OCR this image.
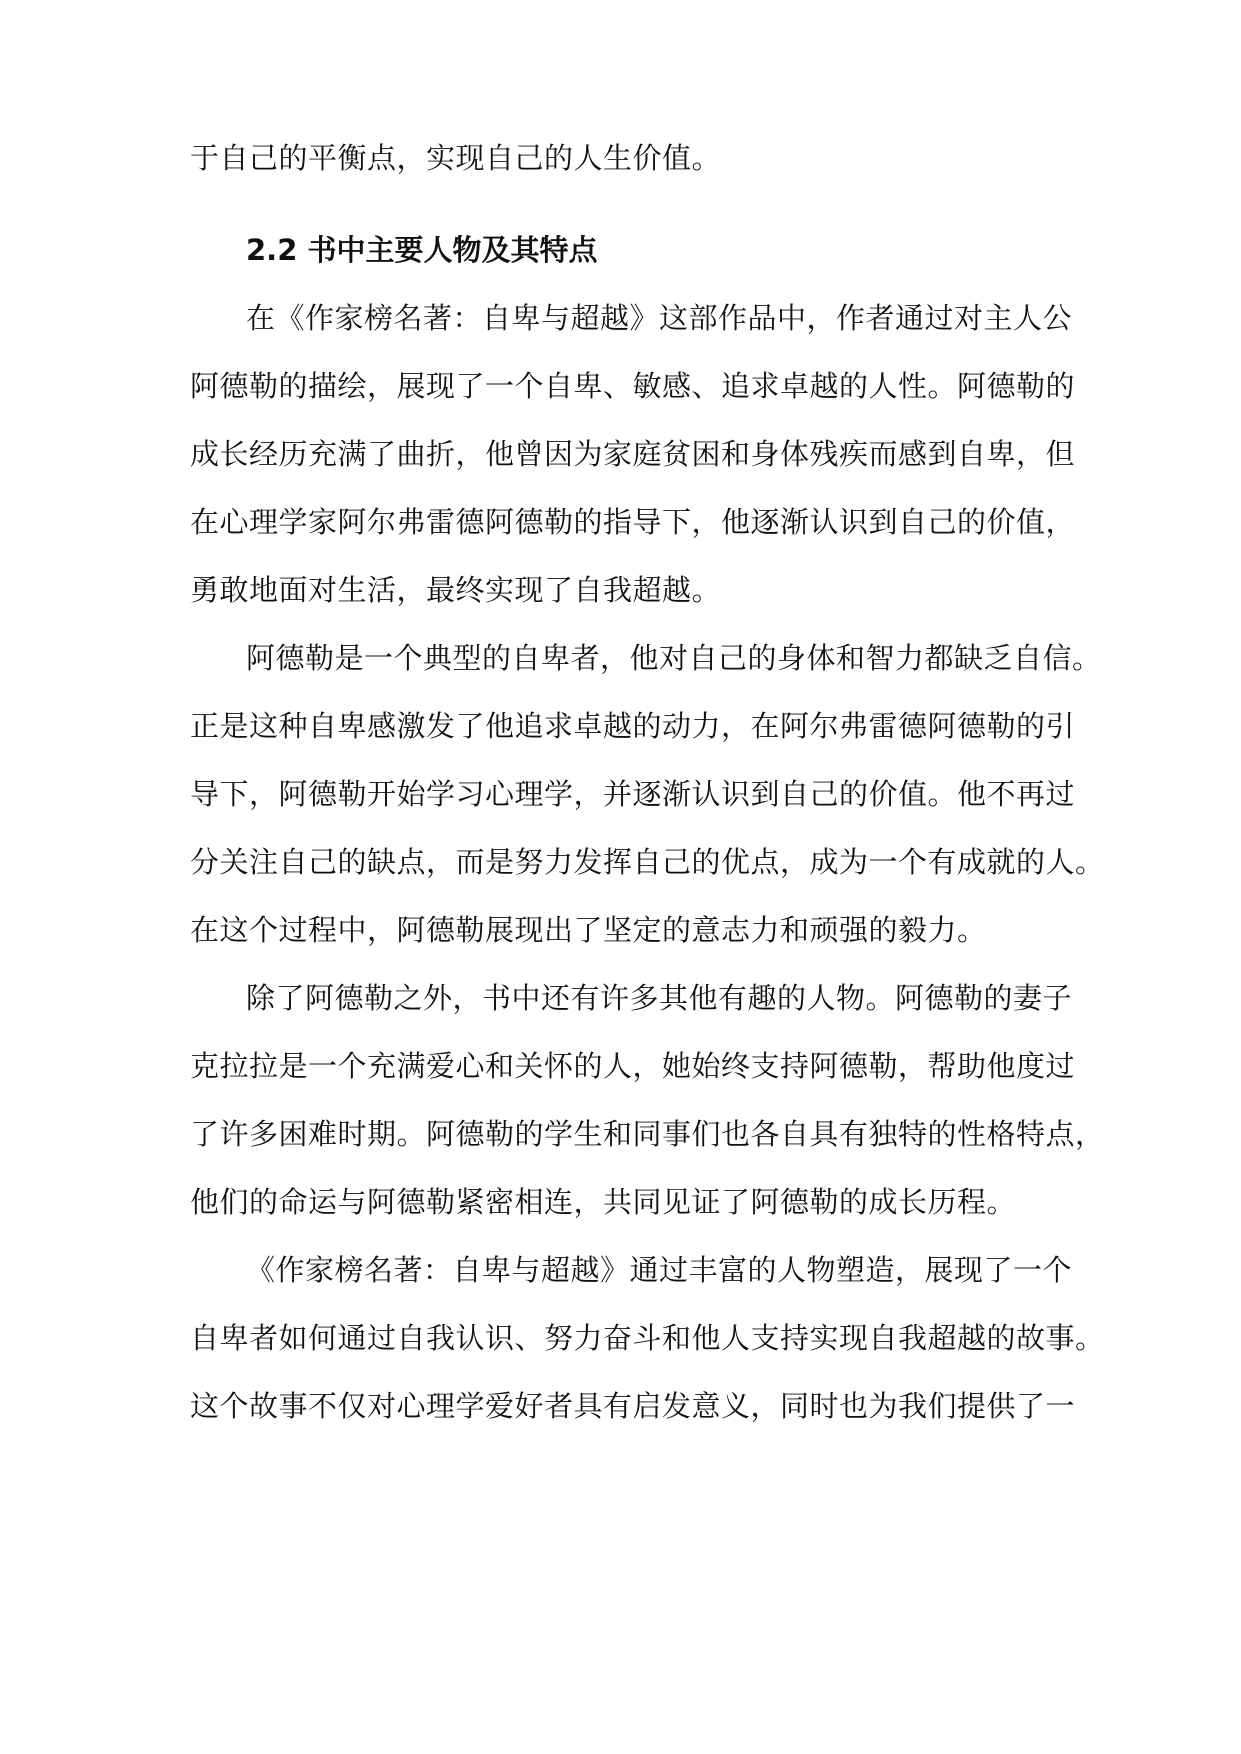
于自己的平衡点，实现自己的人生价值。

2.2 书中主要人物及其特点

在《作家榜名著：自卑与超越》这部作品中，作者通过对主人公

阿德勒的描绘，展现了一个自卑、敏感、追求卓越的人性。阿德勒的

成长经历充满了曲折，他曾因为家庭贫困和身体残疾而感到自卑，但

在心理学家阿尔弗雷德阿德勒的指导下，他逐渐认识到自己的价值，

勇敢地面对生活，最终实现了自我超越。

阿德勒是一个典型的自卑者，他对自己的身体和智力都缺乏自信。

正是这种自卑感激发了他追求卓越的动力，在阿尔弗雷德阿德勒的引

导下，阿德勒开始学习心理学，并逐渐认识到自己的价值。他不再过

分关注自己的缺点，而是努力发挥自己的优点，成为一个有成就的人。

在这个过程中，阿德勒展现出了坚定的意志力和顽强的毅力。

除了阿德勒之外，书中还有许多其他有趣的人物。阿德勒的妻子

克拉拉是一个充满爱心和关怀的人，她始终支持阿德勒，帮助他度过

了许多困难时期。阿德勒的学生和同事们也各自具有独特的性格特点，

他们的命运与阿德勒紧密相连，共同见证了阿德勒的成长历程。

《作家榜名著：自卑与超越》通过丰富的人物塑造，展现了一个

自卑者如何通过自我认识、努力奋斗和他人支持实现自我超越的故事。

这个故事不仅对心理学爱好者具有启发意义，同时也为我们提供了一
